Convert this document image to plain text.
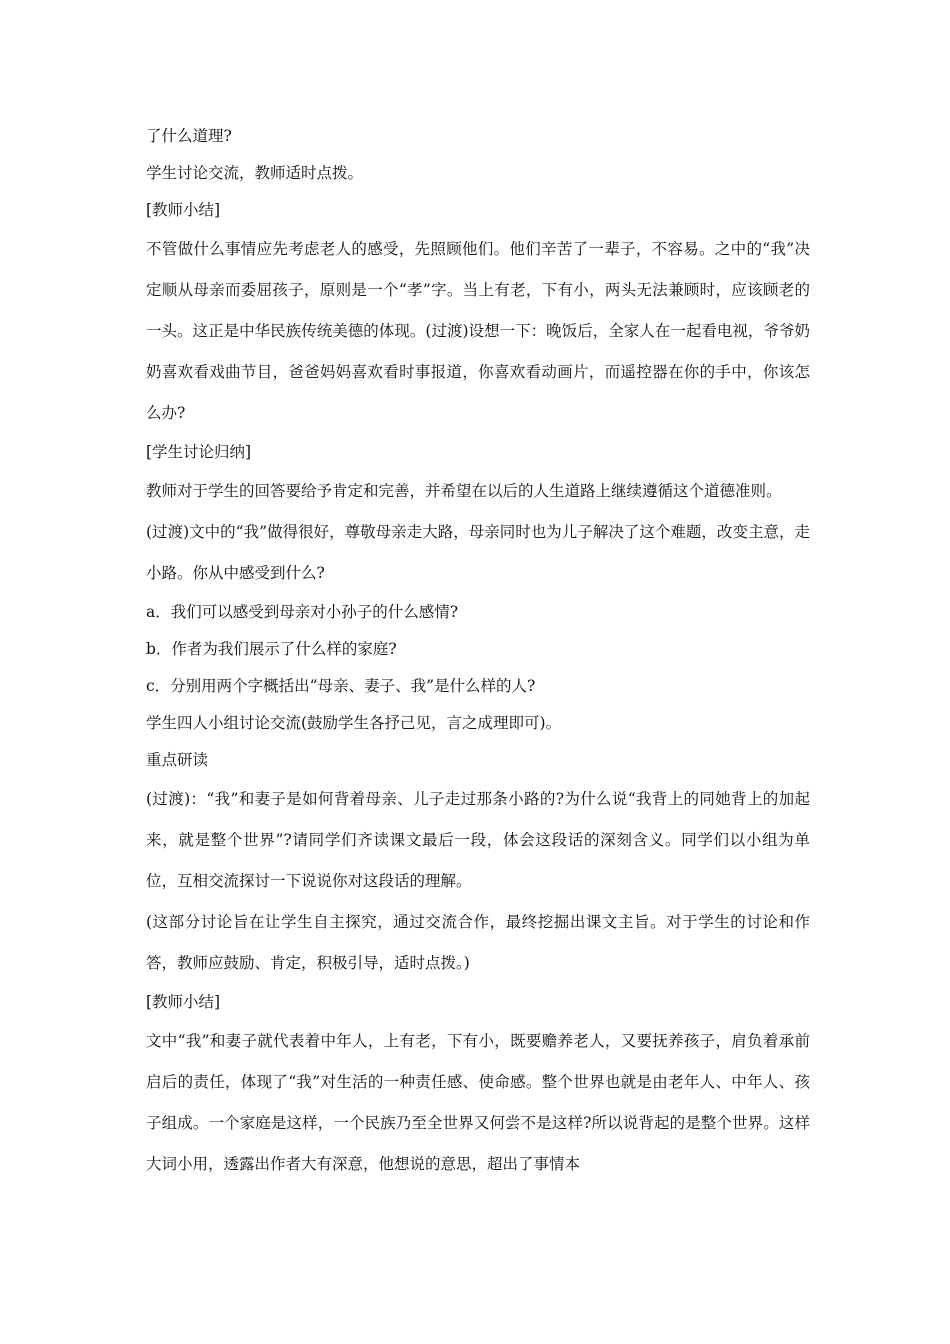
了什么道理?

学生讨论交流，教师适时点拨。

[教师小结]

不管做什么事情应先考虑老人的感受，先照顾他们。他们辛苦了一辈子，不容易。之中的“我”决定顺从母亲而委屈孩子，原则是一个“孝”字。当上有老，下有小，两头无法兼顾时，应该顾老的一头。这正是中华民族传统美德的体现。(过渡)设想一下：晚饭后，全家人在一起看电视，爷爷奶奶喜欢看戏曲节目，爸爸妈妈喜欢看时事报道，你喜欢看动画片，而遥控器在你的手中，你该怎么办?

[学生讨论归纳]

教师对于学生的回答要给予肯定和完善，并希望在以后的人生道路上继续遵循这个道德准则。

(过渡)文中的“我”做得很好，尊敬母亲走大路，母亲同时也为儿子解决了这个难题，改变主意，走小路。你从中感受到什么?

a．我们可以感受到母亲对小孙子的什么感情?

b．作者为我们展示了什么样的家庭?

c．分别用两个字概括出“母亲、妻子、我”是什么样的人?

学生四人小组讨论交流(鼓励学生各抒己见，言之成理即可)。

重点研读

(过渡)：“我”和妻子是如何背着母亲、儿子走过那条小路的?为什么说“我背上的同她背上的加起来，就是整个世界”?请同学们齐读课文最后一段，体会这段话的深刻含义。同学们以小组为单位，互相交流探讨一下说说你对这段话的理解。

(这部分讨论旨在让学生自主探究，通过交流合作，最终挖掘出课文主旨。对于学生的讨论和作答，教师应鼓励、肯定，积极引导，适时点拨。)

[教师小结]

文中“我”和妻子就代表着中年人，上有老，下有小，既要赡养老人，又要抚养孩子，肩负着承前启后的责任，体现了“我”对生活的一种责任感、使命感。整个世界也就是由老年人、中年人、孩子组成。一个家庭是这样，一个民族乃至全世界又何尝不是这样?所以说背起的是整个世界。这样大词小用，透露出作者大有深意，他想说的意思，超出了事情本
